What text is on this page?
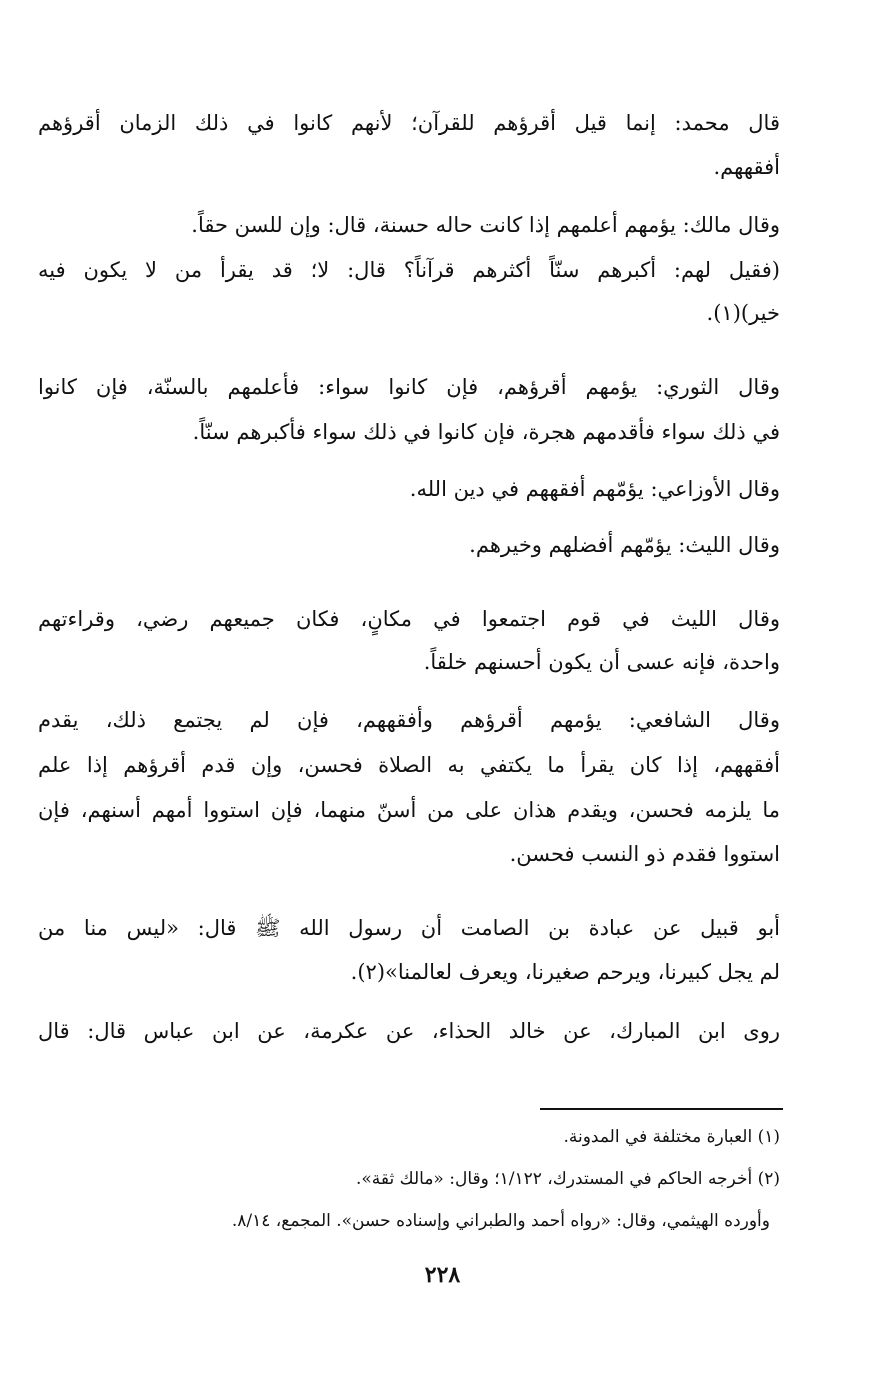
قال محمد: إنما قيل أقرؤهم للقرآن؛ لأنهم كانوا في ذلك الزمان أقرؤهم
أفقههم.
وقال مالك: يؤمهم أعلمهم إذا كانت حاله حسنة، قال: وإن للسن حقاً.
(فقيل لهم: أكبرهم سنّاً أكثرهم قرآناً؟ قال: لا؛ قد يقرأ من لا يكون فيه
خير)(١).
وقال الثوري: يؤمهم أقرؤهم، فإن كانوا سواء: فأعلمهم بالسنّة، فإن كانوا
في ذلك سواء فأقدمهم هجرة، فإن كانوا في ذلك سواء فأكبرهم سنّاً.
وقال الأوزاعي: يؤمّهم أفقههم في دين الله.
وقال الليث: يؤمّهم أفضلهم وخيرهم.
وقال الليث في قوم اجتمعوا في مكانٍ، فكان جميعهم رضي، وقراءتهم
واحدة، فإنه عسى أن يكون أحسنهم خلقاً.
وقال الشافعي: يؤمهم أقرؤهم وأفقههم، فإن لم يجتمع ذلك، يقدم
أفقههم، إذا كان يقرأ ما يكتفي به الصلاة فحسن، وإن قدم أقرؤهم إذا علم
ما يلزمه فحسن، ويقدم هذان على من أسنّ منهما، فإن استووا أمهم أسنهم، فإن
استووا فقدم ذو النسب فحسن.
أبو قبيل عن عبادة بن الصامت أن رسول الله ﷺ قال: «ليس منا من
لم يجل كبيرنا، ويرحم صغيرنا، ويعرف لعالمنا»(٢).
روى ابن المبارك، عن خالد الحذاء، عن عكرمة، عن ابن عباس قال: قال
(١) العبارة مختلفة في المدونة.
(٢) أخرجه الحاكم في المستدرك، ١/١٢٢؛ وقال: «مالك ثقة».
وأورده الهيثمي، وقال: «رواه أحمد والطبراني وإسناده حسن». المجمع، ٨/١٤.
٢٢٨
